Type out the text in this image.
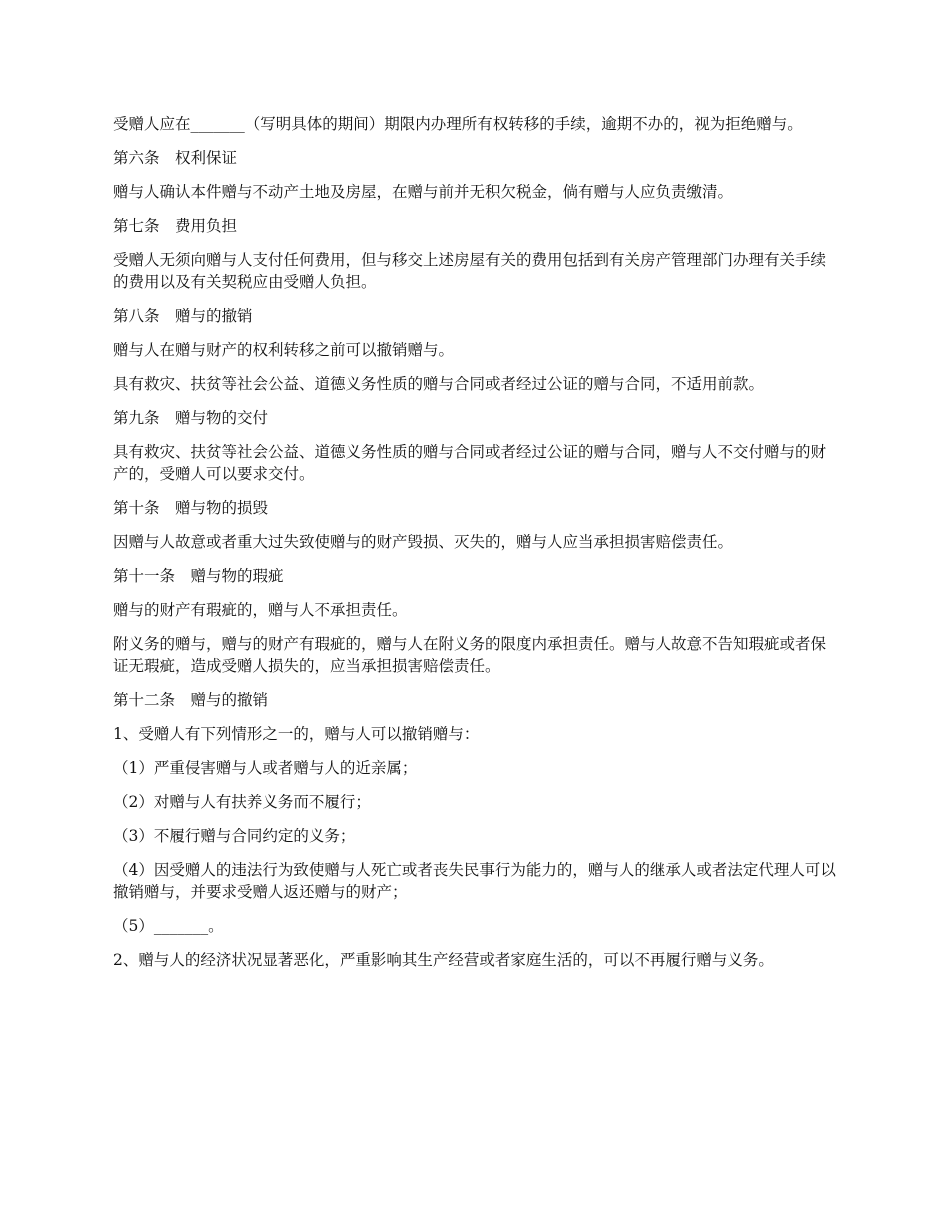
受赠人应在_______（写明具体的期间）期限内办理所有权转移的手续，逾期不办的，视为拒绝赠与。

第六条　权利保证

赠与人确认本件赠与不动产土地及房屋，在赠与前并无积欠税金，倘有赠与人应负责缴清。

第七条　费用负担

受赠人无须向赠与人支付任何费用，但与移交上述房屋有关的费用包括到有关房产管理部门办理有关手续的费用以及有关契税应由受赠人负担。

第八条　赠与的撤销

赠与人在赠与财产的权利转移之前可以撤销赠与。

具有救灾、扶贫等社会公益、道德义务性质的赠与合同或者经过公证的赠与合同，不适用前款。

第九条　赠与物的交付

具有救灾、扶贫等社会公益、道德义务性质的赠与合同或者经过公证的赠与合同，赠与人不交付赠与的财产的，受赠人可以要求交付。

第十条　赠与物的损毁

因赠与人故意或者重大过失致使赠与的财产毁损、灭失的，赠与人应当承担损害赔偿责任。

第十一条　赠与物的瑕疵

赠与的财产有瑕疵的，赠与人不承担责任。

附义务的赠与，赠与的财产有瑕疵的，赠与人在附义务的限度内承担责任。赠与人故意不告知瑕疵或者保证无瑕疵，造成受赠人损失的，应当承担损害赔偿责任。

第十二条　赠与的撤销

1、受赠人有下列情形之一的，赠与人可以撤销赠与：

（1）严重侵害赠与人或者赠与人的近亲属；

（2）对赠与人有扶养义务而不履行；

（3）不履行赠与合同约定的义务；

（4）因受赠人的违法行为致使赠与人死亡或者丧失民事行为能力的，赠与人的继承人或者法定代理人可以撤销赠与，并要求受赠人返还赠与的财产；

（5）_______。

2、赠与人的经济状况显著恶化，严重影响其生产经营或者家庭生活的，可以不再履行赠与义务。
